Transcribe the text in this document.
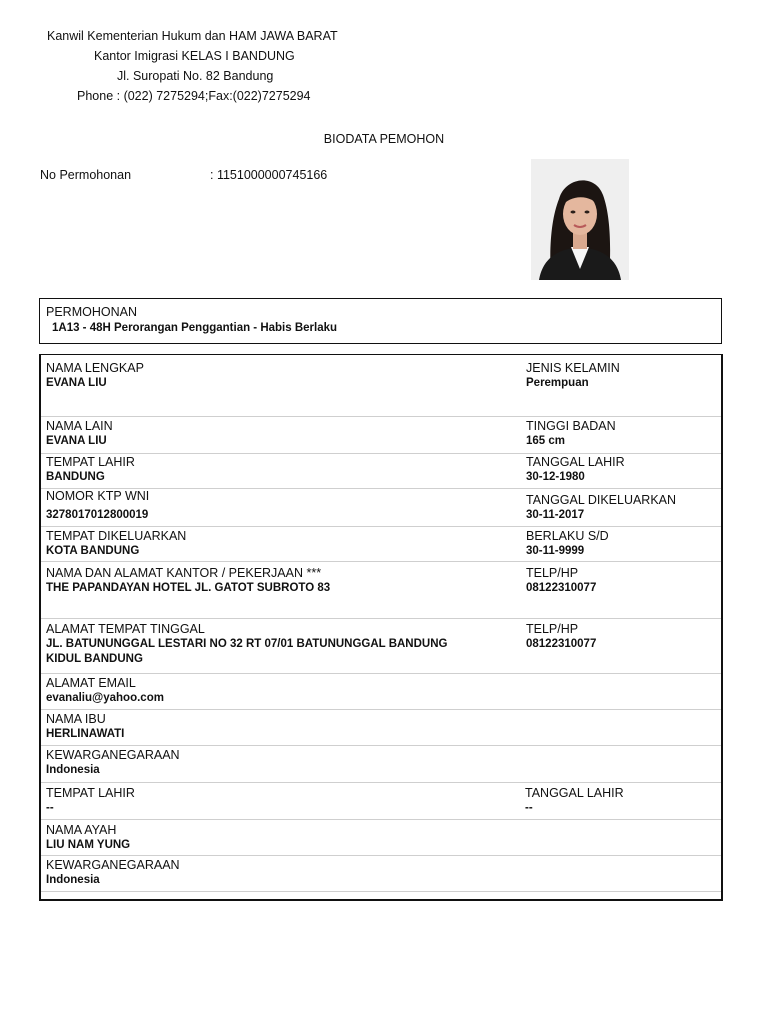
Kanwil Kementerian Hukum dan HAM JAWA BARAT
Kantor Imigrasi KELAS I BANDUNG
Jl. Suropati No. 82 Bandung
Phone : (022) 7275294;Fax:(022)7275294
BIODATA PEMOHON
No Permohonan	: 1151000000745166
PERMOHONAN
1A13 - 48H Perorangan Penggantian - Habis Berlaku
NAMA LENGKAP
EVANA LIU
JENIS KELAMIN
Perempuan
NAMA LAIN
EVANA LIU
TINGGI BADAN
165 cm
TEMPAT LAHIR
BANDUNG
TANGGAL LAHIR
30-12-1980
NOMOR KTP WNI
3278017012800019
TANGGAL DIKELUARKAN
30-11-2017
TEMPAT DIKELUARKAN
KOTA BANDUNG
BERLAKU S/D
30-11-9999
NAMA DAN ALAMAT KANTOR / PEKERJAAN ***
THE PAPANDAYAN HOTEL JL. GATOT SUBROTO 83
TELP/HP
08122310077
ALAMAT TEMPAT TINGGAL
JL. BATUNUNGGAL LESTARI NO 32 RT 07/01 BATUNUNGGAL BANDUNG
KIDUL BANDUNG
TELP/HP
08122310077
ALAMAT EMAIL
evanaliu@yahoo.com
NAMA IBU
HERLINAWATI
KEWARGANEGARAAN
Indonesia
TEMPAT LAHIR
--
TANGGAL LAHIR
--
NAMA AYAH
LIU NAM YUNG
KEWARGANEGARAAN
Indonesia
